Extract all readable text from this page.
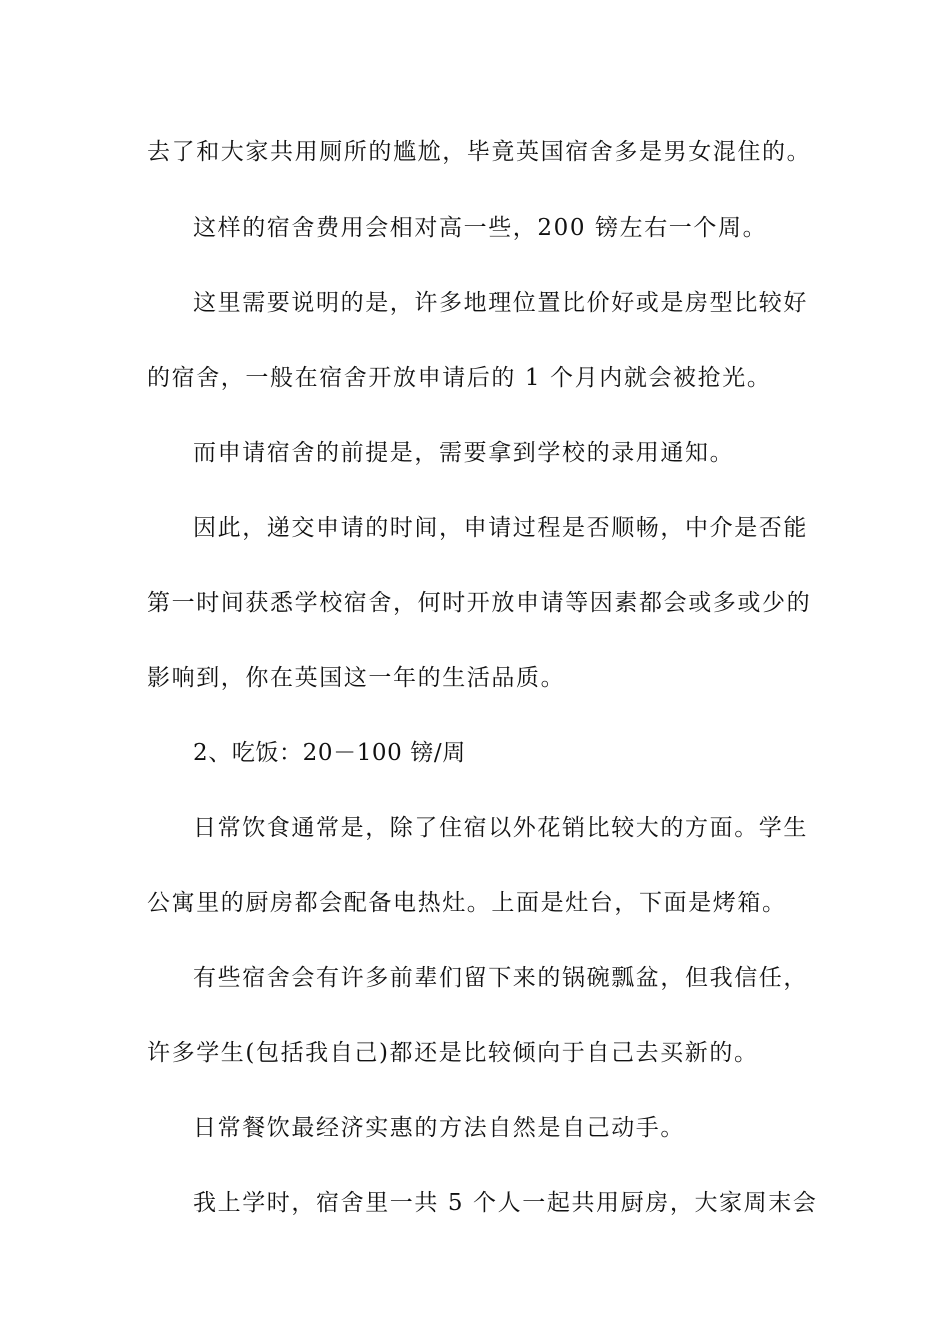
去了和大家共用厕所的尴尬，毕竟英国宿舍多是男女混住的。
这样的宿舍费用会相对高一些，200 镑左右一个周。
这里需要说明的是，许多地理位置比价好或是房型比较好
的宿舍，一般在宿舍开放申请后的 1 个月内就会被抢光。
而申请宿舍的前提是，需要拿到学校的录用通知。
因此，递交申请的时间，申请过程是否顺畅，中介是否能
第一时间获悉学校宿舍，何时开放申请等因素都会或多或少的
影响到，你在英国这一年的生活品质。
2、吃饭：20－100 镑/周
日常饮食通常是，除了住宿以外花销比较大的方面。学生
公寓里的厨房都会配备电热灶。上面是灶台，下面是烤箱。
有些宿舍会有许多前辈们留下来的锅碗瓢盆，但我信任，
许多学生(包括我自己)都还是比较倾向于自己去买新的。
日常餐饮最经济实惠的方法自然是自己动手。
我上学时，宿舍里一共 5 个人一起共用厨房，大家周末会
